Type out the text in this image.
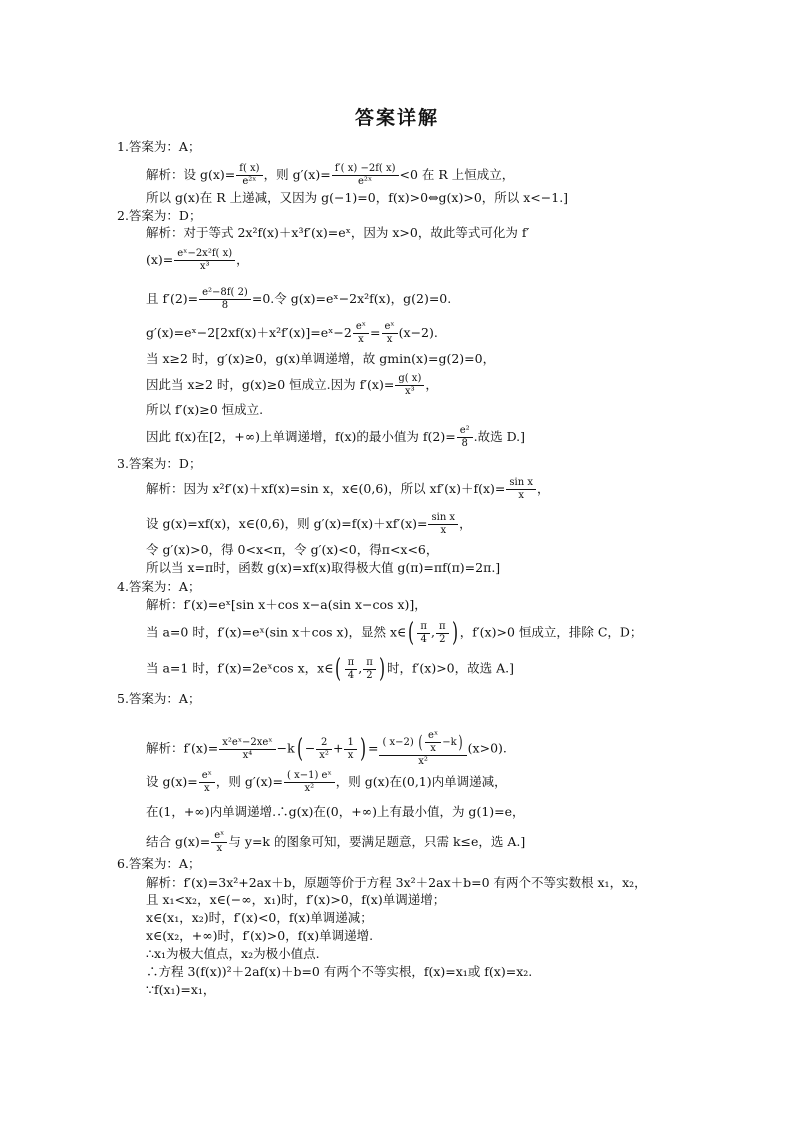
答案详解
1.答案为：A；
解析：设 $g(x)= \frac{f( x)}{\text{e²ˣ}}$ ，则 $g'(x)= \frac{f'( x) -2f( x)}{\text{e²ˣ}} <0$ 在 R 上恒成立，
所以 g(x)在 R 上递减，又因为 g(−1)=0，f(x)>0⇔g(x)>0，所以 x<−1.]
2.答案为：D；
解析：对于等式 2x²f(x)＋x³f′(x)=eˣ，因为 x>0，故此等式可化为 f′
$(x)= \frac{\text{eˣ−2x²f( x)}}{\text{x³}}$ ，
且 $f'(2)= \frac{\text{e²−8f( 2)}}{8} =0$.令 g(x)=eˣ−2x²f(x)，g(2)=0.
g′(x)=eˣ−2[2xf(x)＋x²f′(x)]=eˣ−2 $\frac{\text{eˣ}}{x} = \frac{\text{eˣ}}{x} (x-2)$.
当 x≥2 时，g′(x)≥0，g(x)单调递增，故 gmin(x)=g(2)=0，
因此当 x≥2 时，g(x)≥0 恒成立.因为 $f'(x)= \frac{g( x)}{\text{x³}}$ ，
所以 f′(x)≥0 恒成立.
因此 f(x)在[2，+∞)上单调递增，f(x)的最小值为 $f(2)= \frac{\text{e²}}{8}$ .故选 D.]
3.答案为：D；
解析：因为 x²f′(x)＋xf(x)=sin x，x∈(0,6)，所以 $xf'(x)+f(x)= \frac{\text{sin x}}{x}$ ，
设 g(x)=xf(x)，x∈(0,6)，则 $g'(x)=f(x)+xf'(x)= \frac{\text{sin x}}{x}$ ，
令 g′(x)>0，得 0<x<π，令 g′(x)<0，得π<x<6，
所以当 x=π时，函数 g(x)=xf(x)取得极大值 g(π)=πf(π)=2π.]
4.答案为：A；
解析：f′(x)=eˣ[sin x＋cos x−a(sin x−cos x)]，
当 a=0 时，f′(x)=eˣ(sin x＋cos x)，显然 x∈( $\frac{\pi}{4}$ , $\frac{\pi}{2}$ ) ，f′(x)>0 恒成立，排除 C，D；
当 a=1 时，f′(x)=2eˣcos x，x∈( $\frac{\pi}{4}$ , $\frac{\pi}{2}$ ) 时，f′(x)>0，故选 A.]
5.答案为：A；
解析：f′(x)= x²eˣ−2xeˣ
x⁴	$-k( - \frac{2}{\text{x²}} + \frac{1}{x}$ ) = ( x−2) ( $\frac{\text{eˣ}}{x} -k$)
x²
(x>0).
设 $g(x)= \frac{\text{eˣ}}{x}$ ，则 $g'(x)= \frac{\text{( x−1) eˣ}}{\text{x²}}$ ，则 g(x)在(0,1)内单调递减，
在(1，+∞)内单调递增.∴g(x)在(0，+∞)上有最小值，为 g(1)=e，
结合 $g(x)= \frac{\text{eˣ}}{x}$ 与 y=k 的图象可知，要满足题意，只需 k≤e，选 A.]
6.答案为：A；
解析：f′(x)=3x²+2ax＋b，原题等价于方程 3x²＋2ax＋b=0 有两个不等实数根 x₁，x₂，
且 x₁<x₂，x∈(−∞，x₁)时，f′(x)>0，f(x)单调递增；
x∈(x₁，x₂)时，f′(x)<0，f(x)单调递减；
x∈(x₂，+∞)时，f′(x)>0，f(x)单调递增.
∴x₁为极大值点，x₂为极小值点.
∴方程 3(f(x))²＋2af(x)＋b=0 有两个不等实根，f(x)=x₁或 f(x)=x₂.
∵f(x₁)=x₁，
